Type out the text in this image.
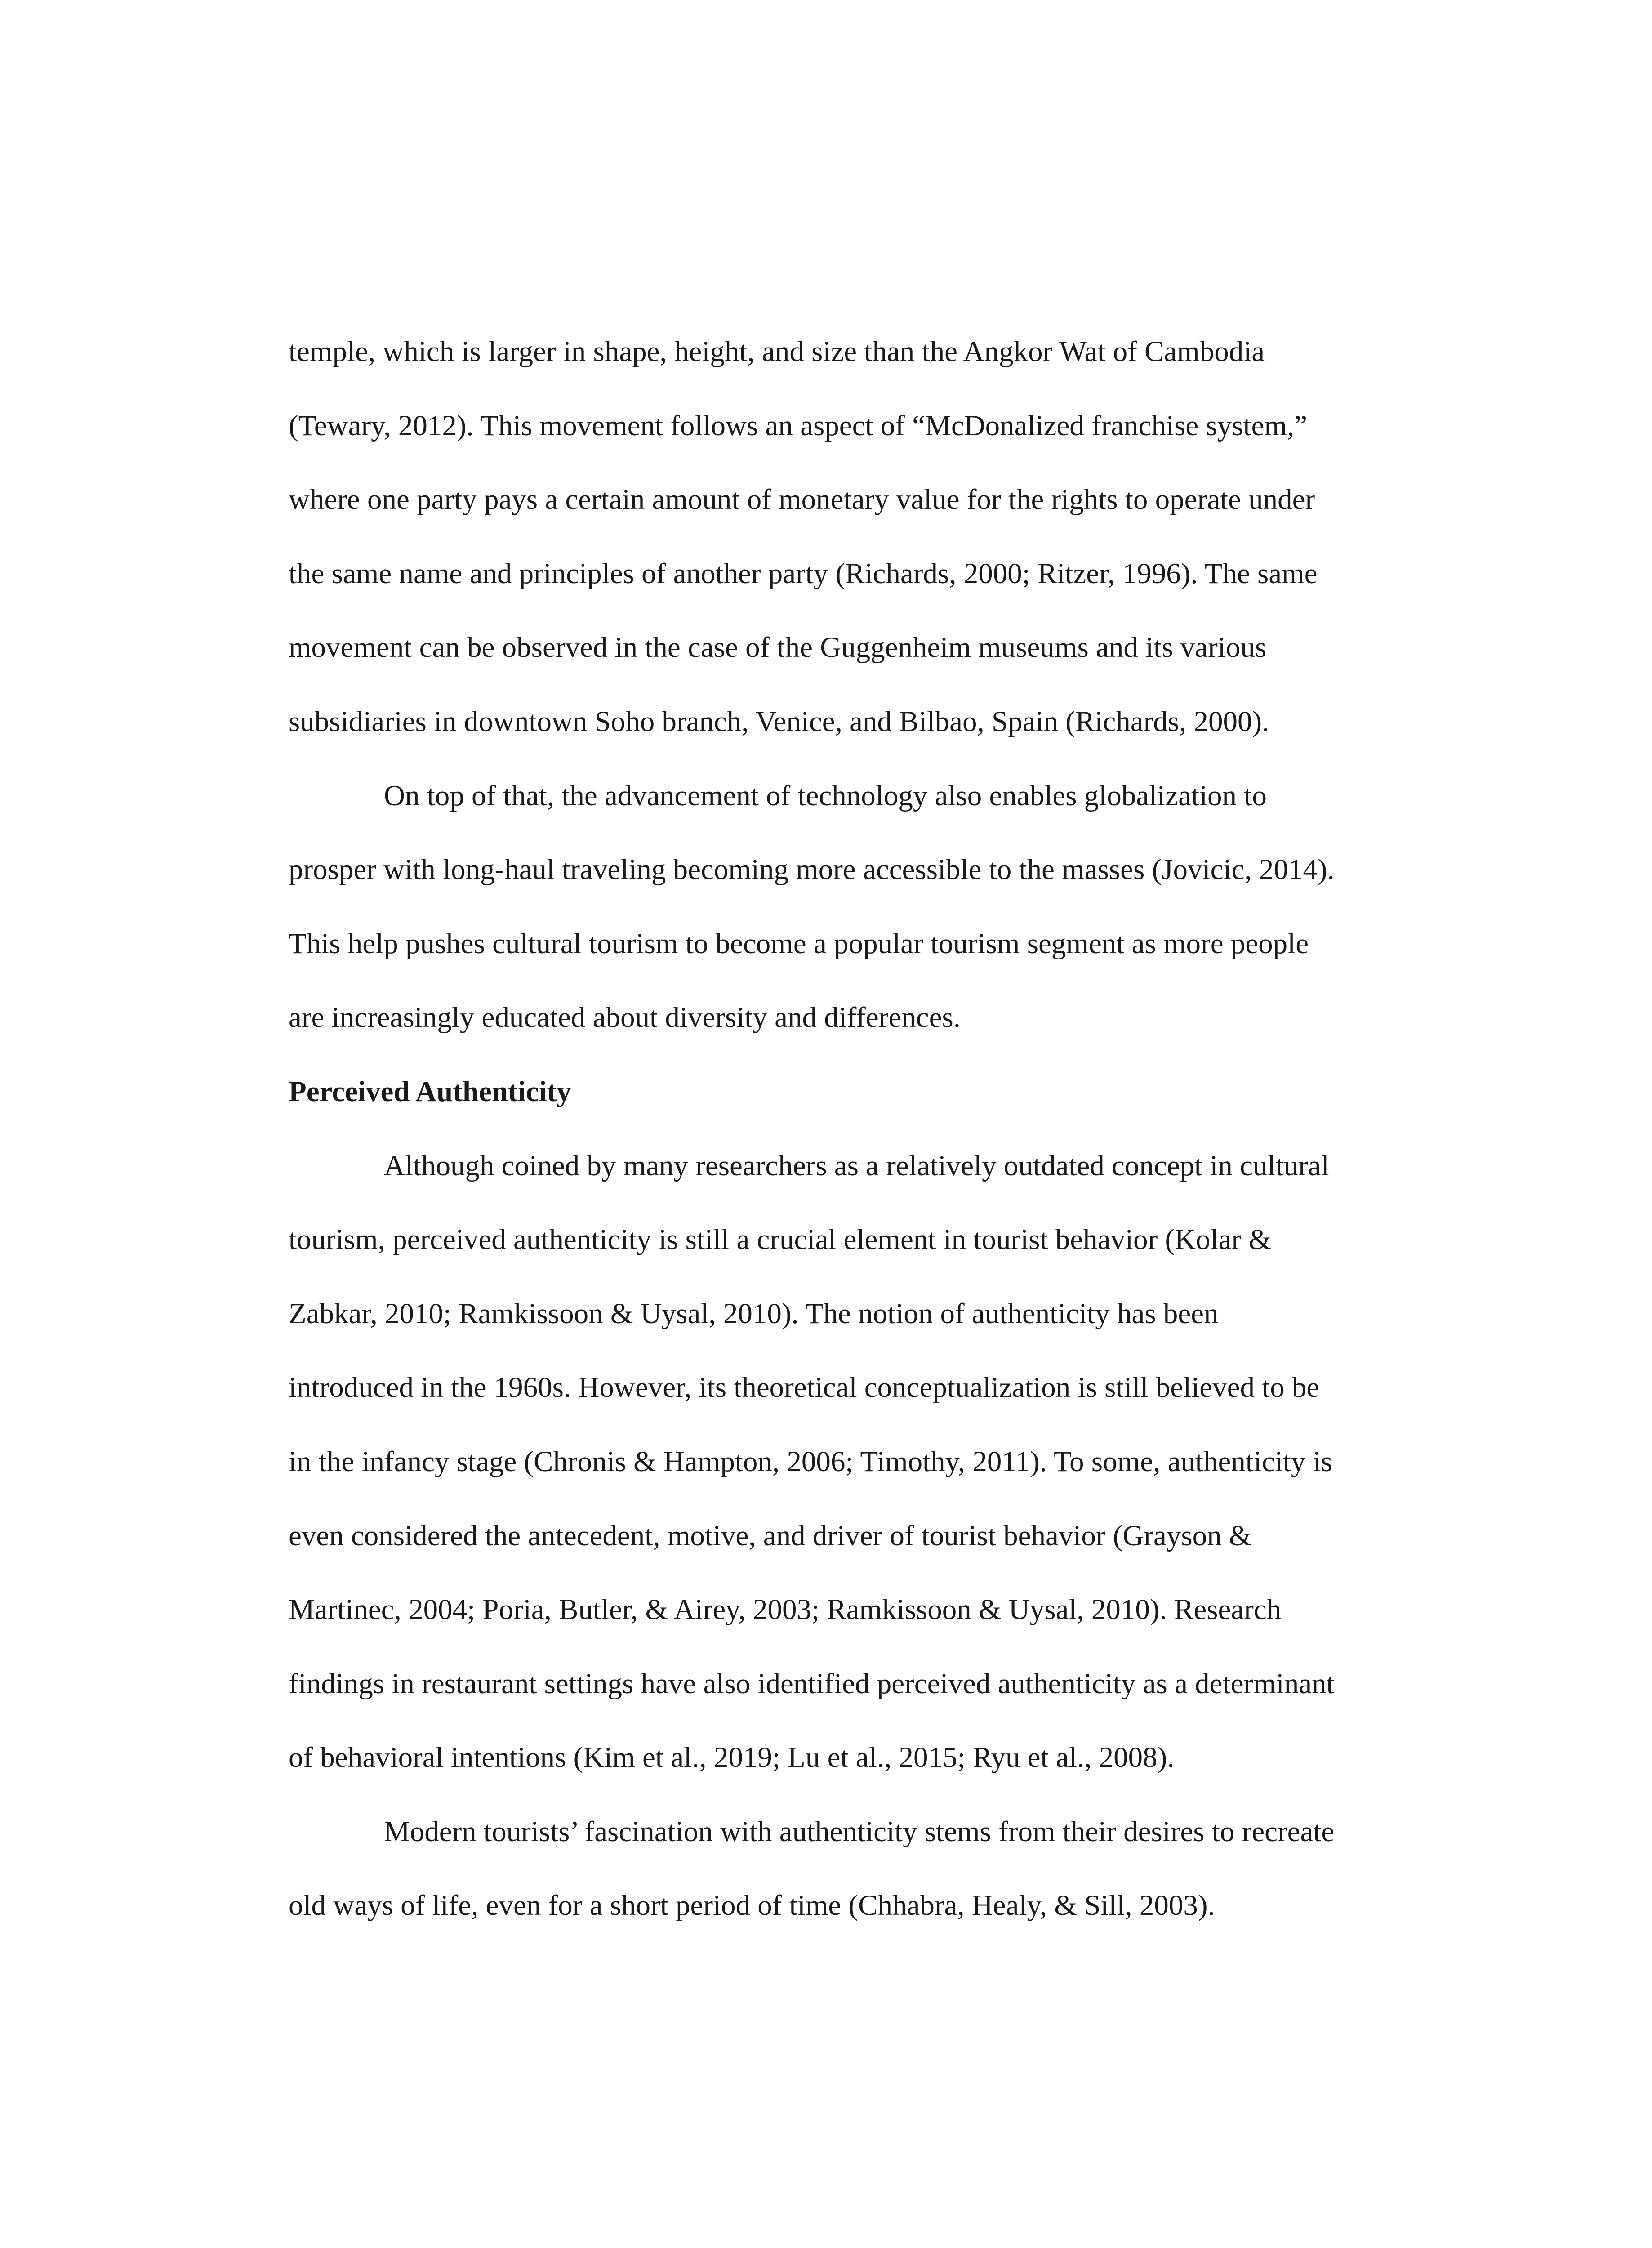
temple, which is larger in shape, height, and size than the Angkor Wat of Cambodia
(Tewary, 2012). This movement follows an aspect of “McDonalized franchise system,”
where one party pays a certain amount of monetary value for the rights to operate under
the same name and principles of another party (Richards, 2000; Ritzer, 1996). The same
movement can be observed in the case of the Guggenheim museums and its various
subsidiaries in downtown Soho branch, Venice, and Bilbao, Spain (Richards, 2000).
On top of that, the advancement of technology also enables globalization to
prosper with long-haul traveling becoming more accessible to the masses (Jovicic, 2014).
This help pushes cultural tourism to become a popular tourism segment as more people
are increasingly educated about diversity and differences.
Perceived Authenticity
Although coined by many researchers as a relatively outdated concept in cultural
tourism, perceived authenticity is still a crucial element in tourist behavior (Kolar &
Zabkar, 2010; Ramkissoon & Uysal, 2010). The notion of authenticity has been
introduced in the 1960s. However, its theoretical conceptualization is still believed to be
in the infancy stage (Chronis & Hampton, 2006; Timothy, 2011). To some, authenticity is
even considered the antecedent, motive, and driver of tourist behavior (Grayson &
Martinec, 2004; Poria, Butler, & Airey, 2003; Ramkissoon & Uysal, 2010). Research
findings in restaurant settings have also identified perceived authenticity as a determinant
of behavioral intentions (Kim et al., 2019; Lu et al., 2015; Ryu et al., 2008).
Modern tourists’ fascination with authenticity stems from their desires to recreate
old ways of life, even for a short period of time (Chhabra, Healy, & Sill, 2003).
